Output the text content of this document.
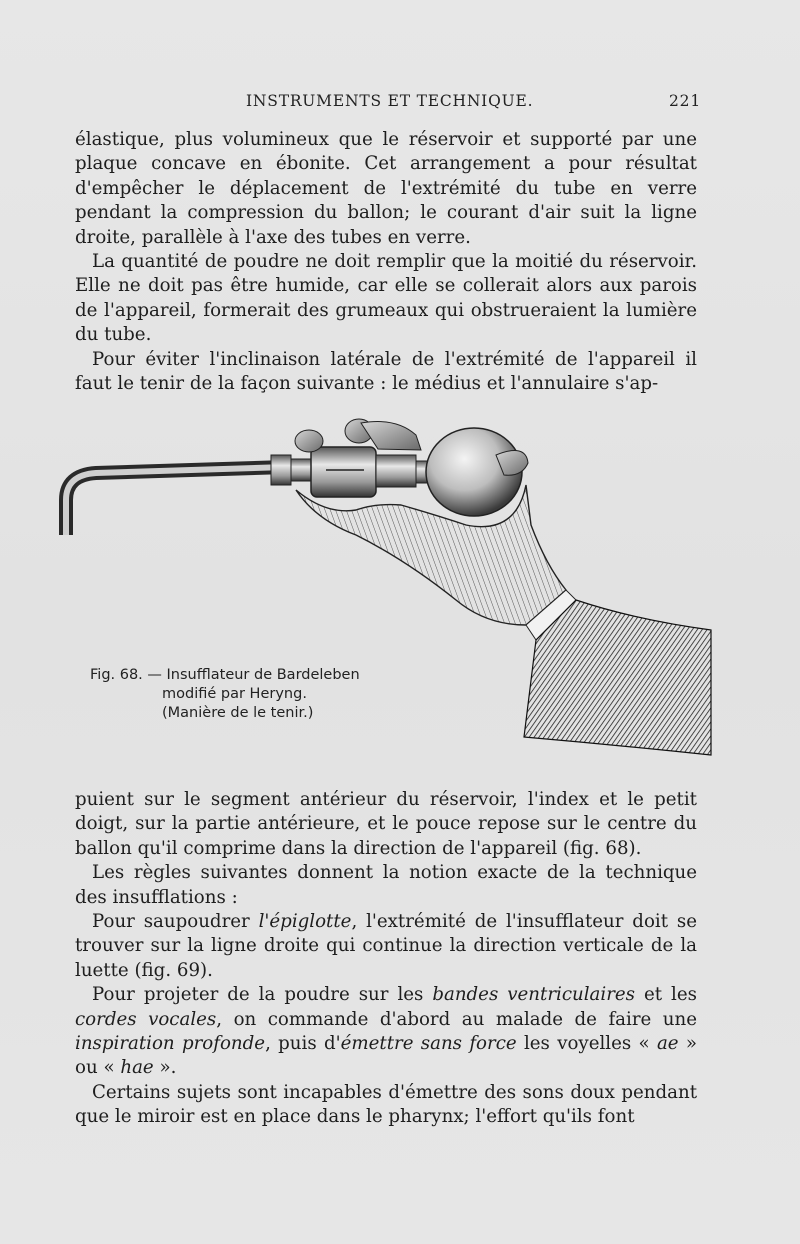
INSTRUMENTS ET TECHNIQUE.	221

élastique, plus volumineux que le réservoir et supporté par une plaque concave en ébonite. Cet arrangement a pour résultat d'empêcher le déplacement de l'extrémité du tube en verre pendant la compression du ballon; le courant d'air suit la ligne droite, parallèle à l'axe des tubes en verre.

La quantité de poudre ne doit remplir que la moitié du réservoir. Elle ne doit pas être humide, car elle se collerait alors aux parois de l'appareil, formerait des grumeaux qui obstrueraient la lumière du tube.

Pour éviter l'inclinaison latérale de l'extrémité de l'appareil il faut le tenir de la façon suivante : le médius et l'annulaire s'ap-

Fig. 68. — Insufflateur de Bardeleben
modifié par Heryng.
(Manière de le tenir.)

puient sur le segment antérieur du réservoir, l'index et le petit doigt, sur la partie antérieure, et le pouce repose sur le centre du ballon qu'il comprime dans la direction de l'appareil (fig. 68).

Les règles suivantes donnent la notion exacte de la technique des insufflations :

Pour saupoudrer l'épiglotte, l'extrémité de l'insufflateur doit se trouver sur la ligne droite qui continue la direction verticale de la luette (fig. 69).

Pour projeter de la poudre sur les bandes ventriculaires et les cordes vocales, on commande d'abord au malade de faire une inspiration profonde, puis d'émettre sans force les voyelles « ae » ou « hae ».

Certains sujets sont incapables d'émettre des sons doux pendant que le miroir est en place dans le pharynx; l'effort qu'ils font
